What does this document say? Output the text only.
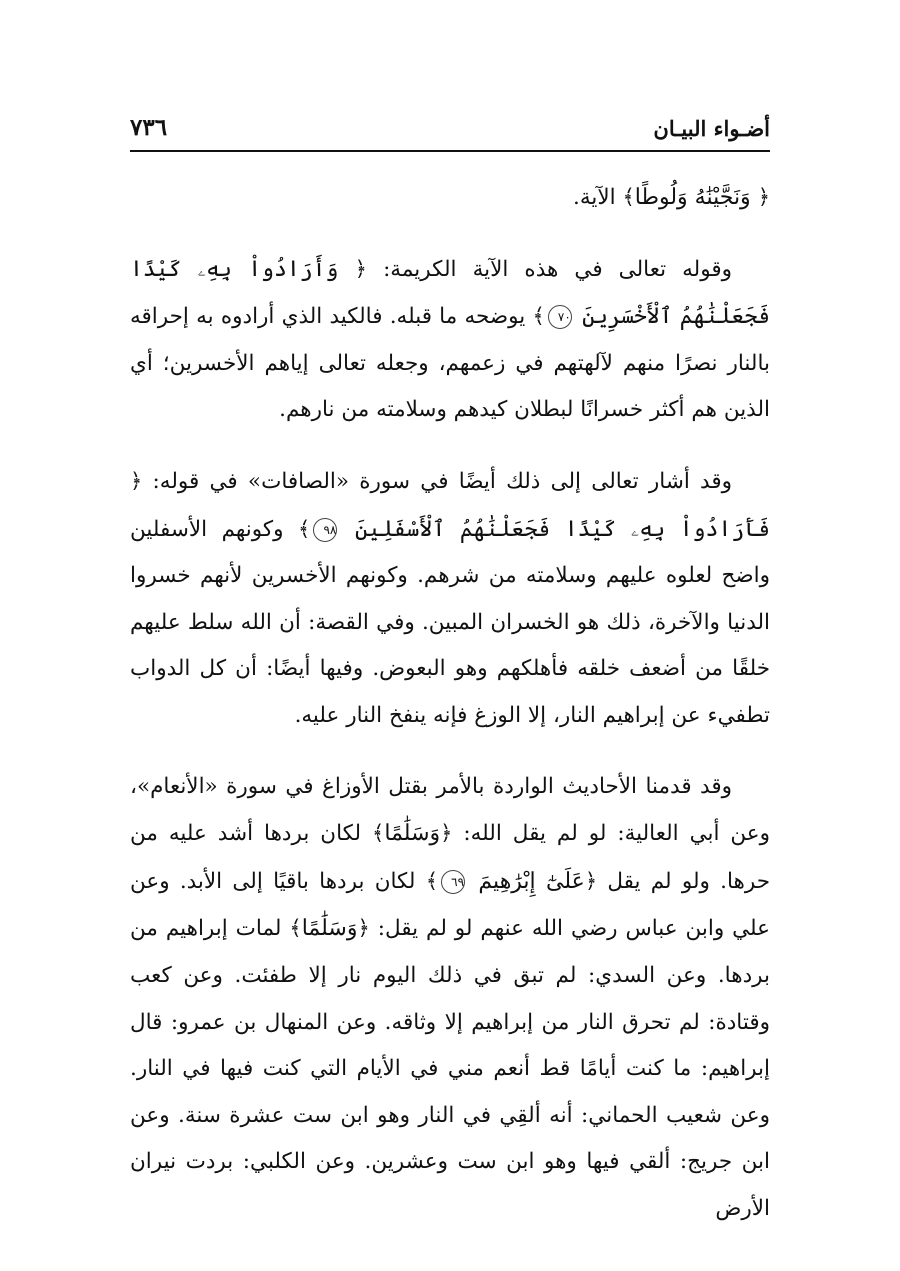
أضـواء البيـان
٧٣٦

﴿ وَنَجَّيْنَٰهُ وَلُوطًا﴾ الآية.

وقوله تعالى في هذه الآية الكريمة: ﴿ وَأَرَادُواْ بِهِۦ كَيْدًا فَجَعَلْنَٰهُمُ ٱلْأَخْسَرِينَ ٧٠﴾ يوضحه ما قبله. فالكيد الذي أرادوه به إحراقه بالنار نصرًا منهم لآلهتهم في زعمهم، وجعله تعالى إياهم الأخسرين؛ أي الذين هم أكثر خسرانًا لبطلان كيدهم وسلامته من نارهم.

وقد أشار تعالى إلى ذلك أيضًا في سورة «الصافات» في قوله: ﴿ فَأَرَادُواْ بِهِۦ كَيْدًا فَجَعَلْنَٰهُمُ ٱلْأَسْفَلِينَ ٩٨﴾ وكونهم الأسفلين واضح لعلوه عليهم وسلامته من شرهم. وكونهم الأخسرين لأنهم خسروا الدنيا والآخرة، ذلك هو الخسران المبين. وفي القصة: أن الله سلط عليهم خلقًا من أضعف خلقه فأهلكهم وهو البعوض. وفيها أيضًا: أن كل الدواب تطفيء عن إبراهيم النار، إلا الوزغ فإنه ينفخ النار عليه.

وقد قدمنا الأحاديث الواردة بالأمر بقتل الأوزاغ في سورة «الأنعام»، وعن أبي العالية: لو لم يقل الله: ﴿وَسَلَٰمًا﴾ لكان بردها أشد عليه من حرها. ولو لم يقل ﴿عَلَىٰٓ إِبْرَٰهِيمَ ٦٩﴾ لكان بردها باقيًا إلى الأبد. وعن علي وابن عباس رضي الله عنهم لو لم يقل: ﴿وَسَلَٰمًا﴾ لمات إبراهيم من بردها. وعن السدي: لم تبق في ذلك اليوم نار إلا طفئت. وعن كعب وقتادة: لم تحرق النار من إبراهيم إلا وثاقه. وعن المنهال بن عمرو: قال إبراهيم: ما كنت أيامًا قط أنعم مني في الأيام التي كنت فيها في النار. وعن شعيب الحماني: أنه ألقِي في النار وهو ابن ست عشرة سنة. وعن ابن جريج: ألقي فيها وهو ابن ست وعشرين. وعن الكلبي: بردت نيران الأرض
